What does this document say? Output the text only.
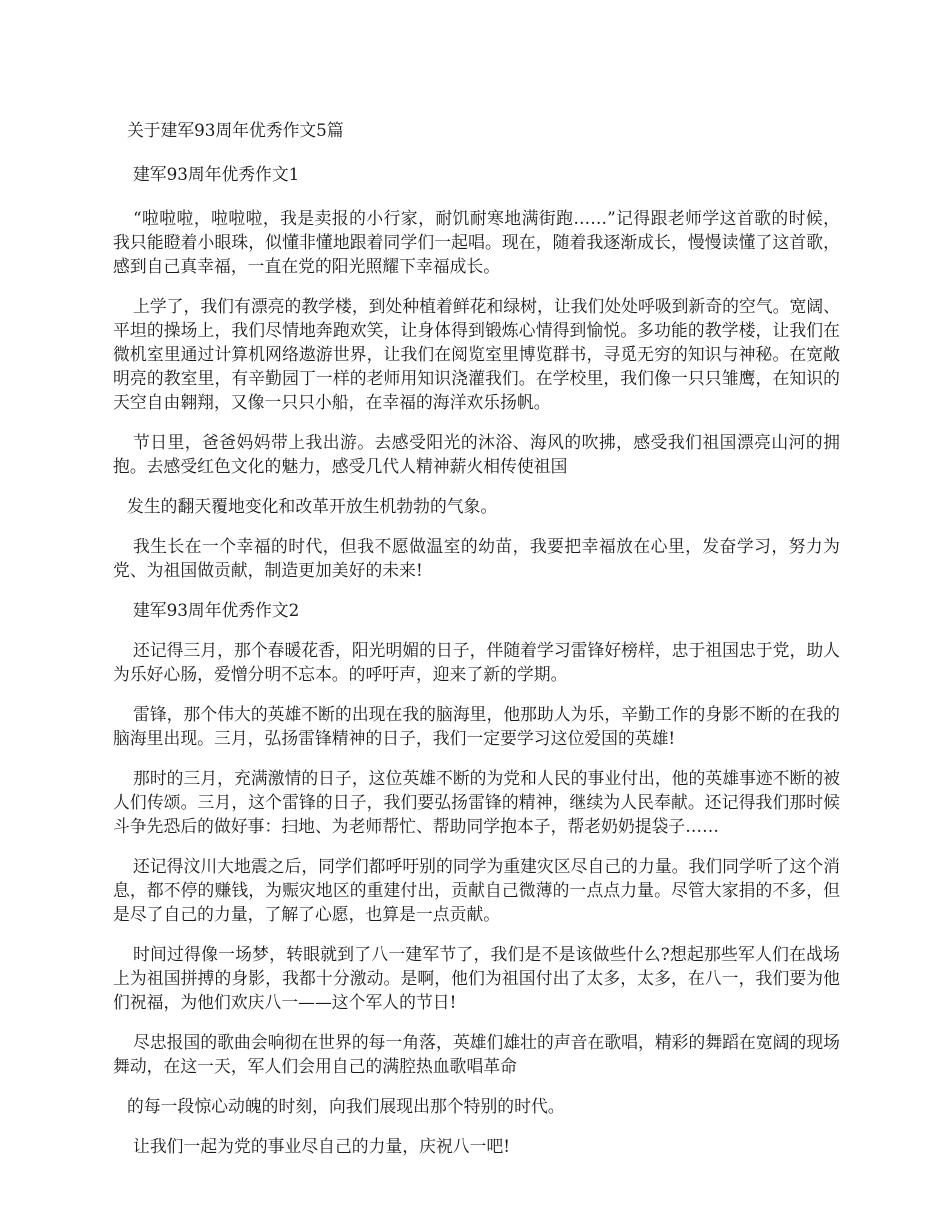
关于建军93周年优秀作文5篇

建军93周年优秀作文1

“啦啦啦，啦啦啦，我是卖报的小行家，耐饥耐寒地满街跑……”记得跟老师学这首歌的时候，我只能瞪着小眼珠，似懂非懂地跟着同学们一起唱。现在，随着我逐渐成长，慢慢读懂了这首歌，感到自己真幸福，一直在党的阳光照耀下幸福成长。

上学了，我们有漂亮的教学楼，到处种植着鲜花和绿树，让我们处处呼吸到新奇的空气。宽阔、平坦的操场上，我们尽情地奔跑欢笑，让身体得到锻炼心情得到愉悦。多功能的教学楼，让我们在微机室里通过计算机网络遨游世界，让我们在阅览室里博览群书，寻觅无穷的知识与神秘。在宽敞明亮的教室里，有辛勤园丁一样的老师用知识浇灌我们。在学校里，我们像一只只雏鹰，在知识的天空自由翱翔，又像一只只小船，在幸福的海洋欢乐扬帆。

节日里，爸爸妈妈带上我出游。去感受阳光的沐浴、海风的吹拂，感受我们祖国漂亮山河的拥抱。去感受红色文化的魅力，感受几代人精神薪火相传使祖国

发生的翻天覆地变化和改革开放生机勃勃的气象。

我生长在一个幸福的时代，但我不愿做温室的幼苗，我要把幸福放在心里，发奋学习，努力为党、为祖国做贡献，制造更加美好的未来!

建军93周年优秀作文2

还记得三月，那个春暖花香，阳光明媚的日子，伴随着学习雷锋好榜样，忠于祖国忠于党，助人为乐好心肠，爱憎分明不忘本。的呼吁声，迎来了新的学期。

雷锋，那个伟大的英雄不断的出现在我的脑海里，他那助人为乐，辛勤工作的身影不断的在我的脑海里出现。三月，弘扬雷锋精神的日子，我们一定要学习这位爱国的英雄!

那时的三月，充满激情的日子，这位英雄不断的为党和人民的事业付出，他的英雄事迹不断的被人们传颂。三月，这个雷锋的日子，我们要弘扬雷锋的精神，继续为人民奉献。还记得我们那时候斗争先恐后的做好事：扫地、为老师帮忙、帮助同学抱本子，帮老奶奶提袋子……

还记得汶川大地震之后，同学们都呼吁别的同学为重建灾区尽自己的力量。我们同学听了这个消息，都不停的赚钱，为赈灾地区的重建付出，贡献自己微薄的一点点力量。尽管大家捐的不多，但是尽了自己的力量，了解了心愿，也算是一点贡献。

时间过得像一场梦，转眼就到了八一建军节了，我们是不是该做些什么?想起那些军人们在战场上为祖国拼搏的身影，我都十分激动。是啊，他们为祖国付出了太多，太多，在八一，我们要为他们祝福，为他们欢庆八一——这个军人的节日!

尽忠报国的歌曲会响彻在世界的每一角落，英雄们雄壮的声音在歌唱，精彩的舞蹈在宽阔的现场舞动，在这一天，军人们会用自己的满腔热血歌唱革命

的每一段惊心动魄的时刻，向我们展现出那个特别的时代。

让我们一起为党的事业尽自己的力量，庆祝八一吧!
